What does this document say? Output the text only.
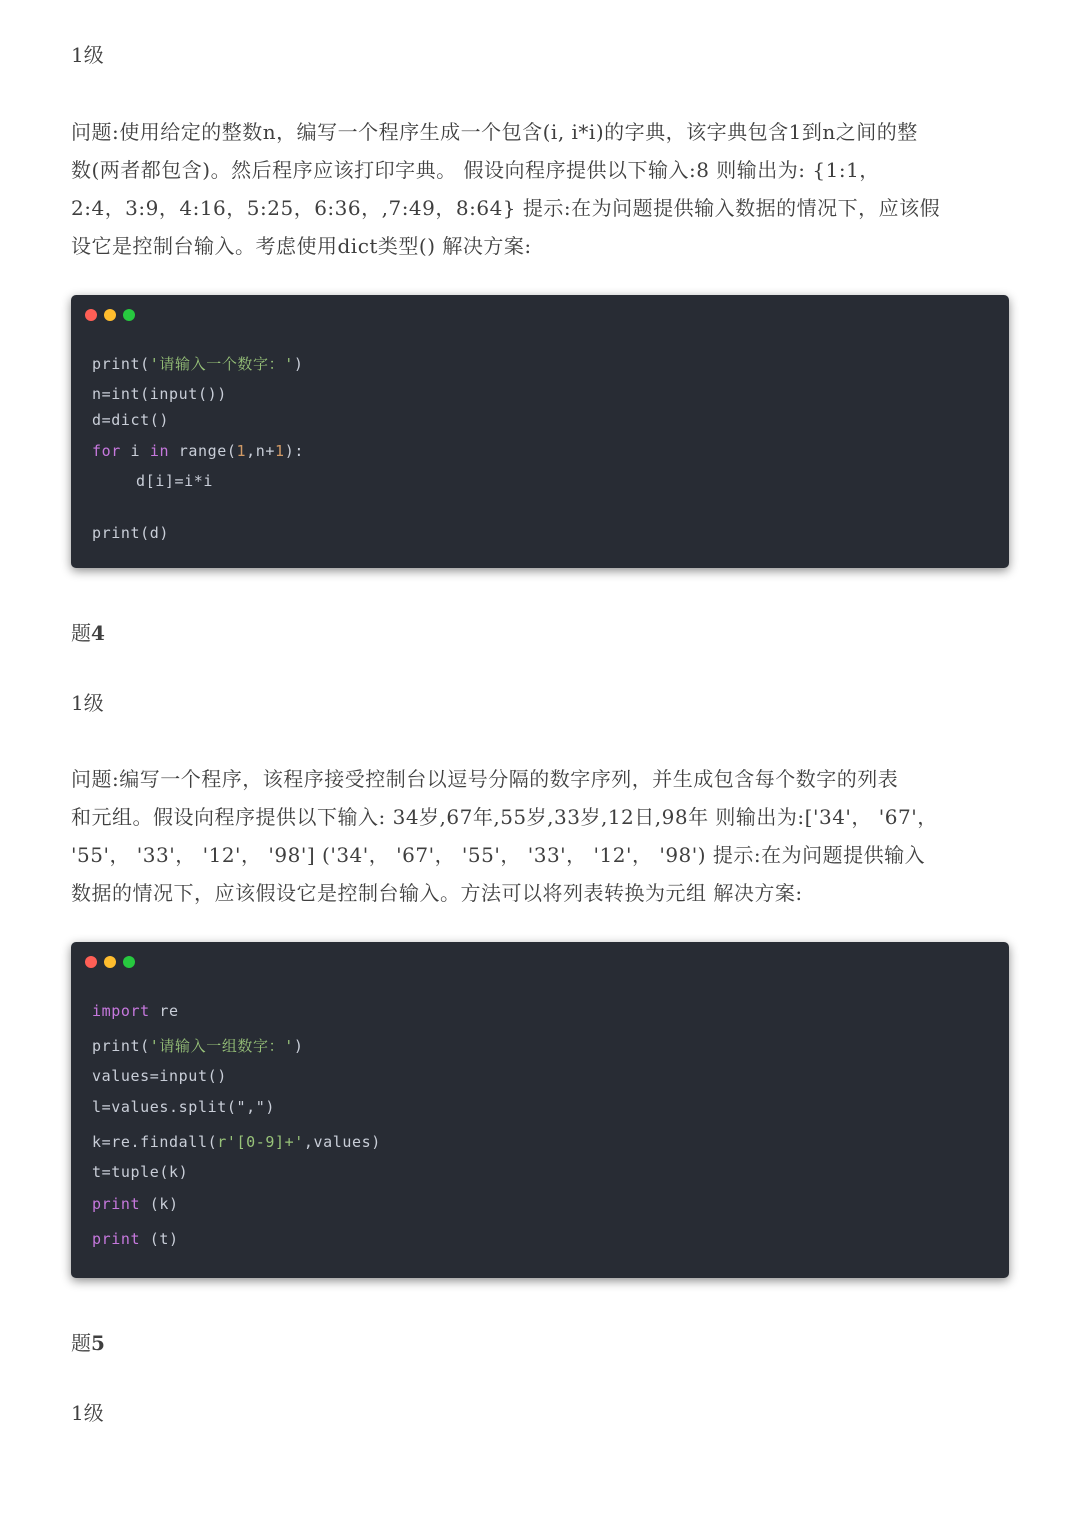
1级

问题:使用给定的整数n，编写一个程序生成一个包含(i, i*i)的字典，该字典包含1到n之间的整
数(两者都包含)。然后程序应该打印字典。 假设向程序提供以下输入:8 则输出为: {1:1，
2:4，3:9，4:16，5:25，6:36，,7:49，8:64} 提示:在为问题提供输入数据的情况下，应该假
设它是控制台输入。考虑使用dict类型() 解决方案:

print('请输入一个数字：')
n=int(input())
d=dict()
for i in range(1,n+1):
d[i]=i*i
print(d)

题4

1级

问题:编写一个程序，该程序接受控制台以逗号分隔的数字序列，并生成包含每个数字的列表
和元组。假设向程序提供以下输入: 34岁,67年,55岁,33岁,12日,98年 则输出为:['34'， '67'，
'55'， '33'， '12'， '98'] ('34'， '67'， '55'， '33'， '12'， '98') 提示:在为问题提供输入
数据的情况下，应该假设它是控制台输入。方法可以将列表转换为元组 解决方案:

import re
print('请输入一组数字：')
values=input()
l=values.split(",")
k=re.findall(r'[0-9]+',values)
t=tuple(k)
print (k)
print (t)

题5

1级
